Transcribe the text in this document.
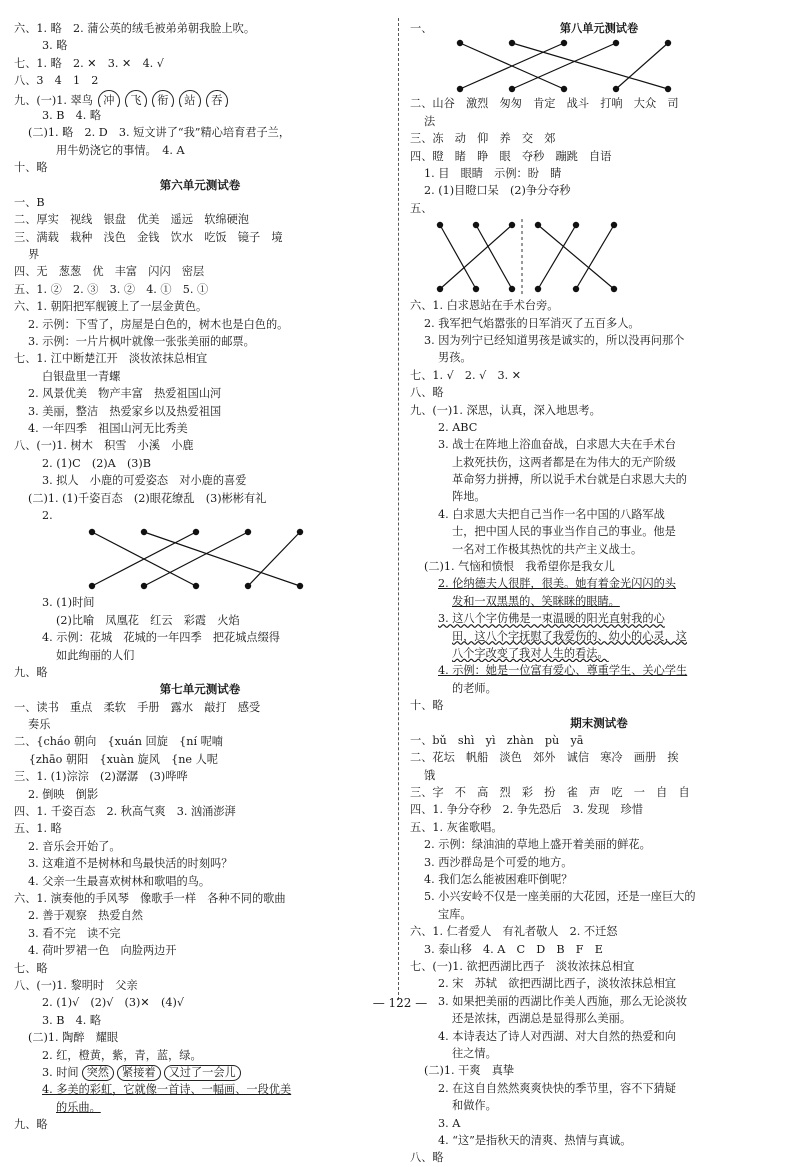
六、1. 略　2. 蒲公英的绒毛被弟弟朝我脸上吹。
3. 略
七、1. 略　2. ✕　3. ✕　4. √
八、3　4　1　2
九、(一)1. 翠鸟 冲 飞 衔 站 吞
3. B　4. 略
(二)1. 略　2. D　3. 短文讲了“我”精心培育君子兰，
用牛奶浇它的事情。　4. A
十、略
第六单元测试卷
一、B
二、厚实　视线　银盘　优美　遥远　软绵硬泡
三、满载　栽种　浅色　金钱　饮水　吃饭　镜子　境
界
四、无　葱葱　优　丰富　闪闪　密层
五、1. ②　2. ③　3. ②　4. ①　5. ①
六、1. 朝阳把军舰镀上了一层金黄色。
2. 示例：下雪了，房屋是白色的，树木也是白色的。
3. 示例：一片片枫叶就像一张张美丽的邮票。
七、1. 江中断楚江开　淡妆浓抹总相宜
白银盘里一青螺
2. 风景优美　物产丰富　热爱祖国山河
3. 美丽，整洁　热爱家乡以及热爱祖国
4. 一年四季　祖国山河无比秀美
八、(一)1. 树木　积雪　小溪　小鹿
2. (1)C　(2)A　(3)B
3. 拟人　小鹿的可爱姿态　对小鹿的喜爱
(二)1. (1)千姿百态　(2)眼花缭乱　(3)彬彬有礼
2.
3. (1)时间
(2)比喻　凤凰花　红云　彩霞　火焰
4. 示例：花城　花城的一年四季　把花城点缀得
如此绚丽的人们
九、略
第七单元测试卷
一、读书　重点　柔软　手册　露水　敲打　感受
奏乐
二、{cháo 朝向　{xuán 回旋　{ní 呢喃
　 {zhāo 朝阳　{xuàn 旋风　{ne 人呢
三、1. (1)淙淙　(2)潺潺　(3)哗哗
2. 倒映　倒影
四、1. 千姿百态　2. 秋高气爽　3. 汹涌澎湃
五、1. 略
2. 音乐会开始了。
3. 这难道不是树林和鸟最快活的时刻吗？
4. 父亲一生最喜欢树林和歌唱的鸟。
六、1. 演奏他的手风琴　像歌手一样　各种不同的歌曲
2. 善于观察　热爱自然
3. 看不完　读不完
4. 荷叶罗裙一色　向脸两边开
七、略
八、(一)1. 黎明时　父亲
2. (1)√　(2)√　(3)✕　(4)√
3. B　4. 略
(二)1. 陶醉　耀眼
2. 红，橙黄，紫，青，蓝，绿。
3. 时间 突然 紧接着 又过了一会儿
4. 多美的彩虹，它就像一首诗、一幅画、一段优美
的乐曲。
九、略
一、	第八单元测试卷
二、山谷　激烈　匆匆　肯定　战斗　打响　大众　司
法
三、冻　动　仰　养　交　郊
四、瞪　睹　睁　眼　夺秒　蹦跳　自语
1. 目　眼睛　示例：盼　睛
2. (1)目瞪口呆　(2)争分夺秒
五、
六、1. 白求恩站在手术台旁。
2. 我军把气焰嚣张的日军消灭了五百多人。
3. 因为列宁已经知道男孩是诚实的，所以没再问那个
男孩。
七、1. √　2. √　3. ✕
八、略
九、(一)1. 深思，认真，深入地思考。
2. ABC
3. 战士在阵地上浴血奋战，白求恩大夫在手术台
上救死扶伤，这两者都是在为伟大的无产阶级
革命努力拼搏，所以说手术台就是白求恩大夫的
阵地。
4. 白求恩大夫把自己当作一名中国的八路军战
士，把中国人民的事业当作自己的事业。他是
一名对工作极其热忱的共产主义战士。
(二)1. 气恼和愤恨　我希望你是我女儿
2. 伦纳德夫人很胖，很美。她有着金光闪闪的头
发和一双黑黑的、笑眯眯的眼睛。
3. 这八个字仿佛是一束温暖的阳光直射我的心
田，这八个字抚慰了我爱伤的、幼小的心灵，这
八个字改变了我对人生的看法。
4. 示例：她是一位富有爱心、尊重学生、关心学生
的老师。
十、略
期末测试卷
一、bǔ　shì　yì　zhàn　pù　yā
二、花坛　帆船　淡色　郊外　诚信　寒冷　画册　挨
饿
三、字　不　高　烈　彩　扮　雀　声　吃　一　自　自
四、1. 争分夺秒　2. 争先恐后　3. 发现　珍惜
五、1. 灰雀歌唱。
2. 示例：绿油油的草地上盛开着美丽的鲜花。
3. 西沙群岛是个可爱的地方。
4. 我们怎么能被困难吓倒呢？
5. 小兴安岭不仅是一座美丽的大花园，还是一座巨大的
宝库。
六、1. 仁者爱人　有礼者敬人　2. 不迁怒
3. 泰山移　4. A　C　D　B　F　E
七、(一)1. 欲把西湖比西子　淡妆浓抹总相宜
2. 宋　苏轼　欲把西湖比西子，淡妆浓抹总相宜
3. 如果把美丽的西湖比作美人西施，那么无论淡妆
还是浓抹，西湖总是显得那么美丽。
4. 本诗表达了诗人对西湖、对大自然的热爱和向
往之情。
(二)1. 干爽　真挚
2. 在这自自然然爽爽快快的季节里，容不下猜疑
和做作。
3. A
4. “这”是指秋天的清爽、热情与真诚。
八、略
— 122 —
